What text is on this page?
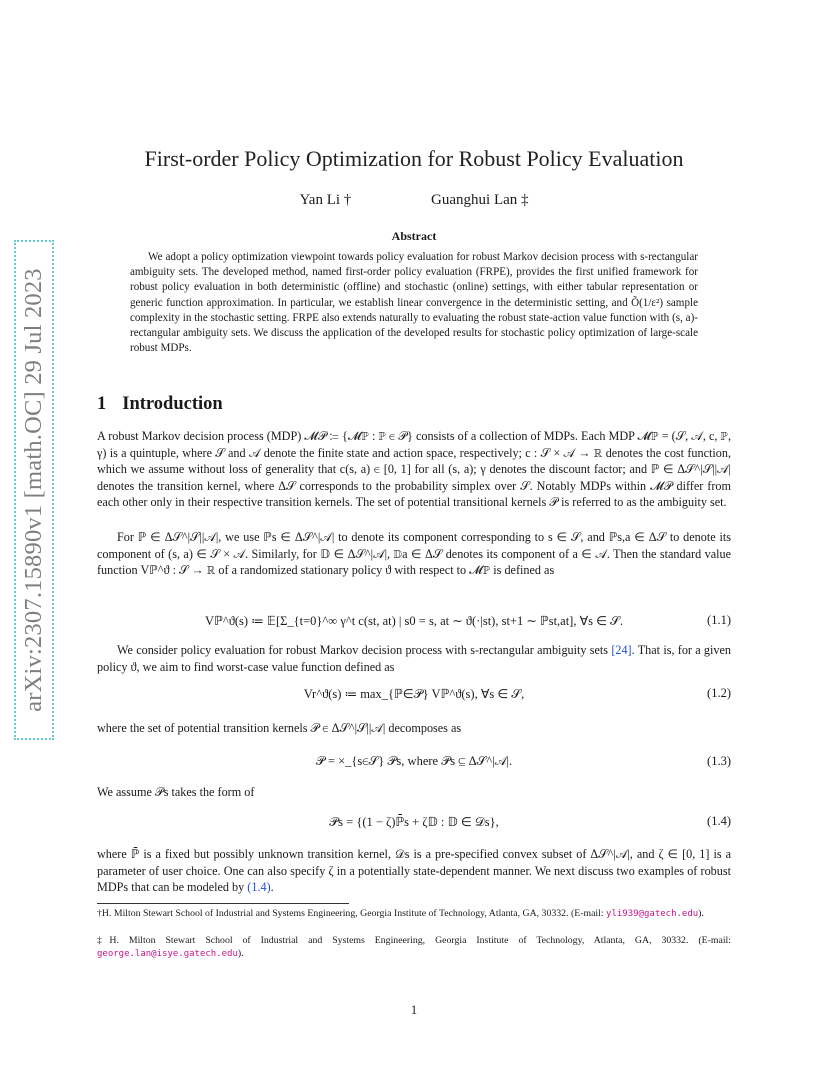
arXiv:2307.15890v1 [math.OC] 29 Jul 2023
First-order Policy Optimization for Robust Policy Evaluation
Yan Li †	Guanghui Lan ‡
Abstract

We adopt a policy optimization viewpoint towards policy evaluation for robust Markov decision process with s-rectangular ambiguity sets. The developed method, named first-order policy evaluation (FRPE), provides the first unified framework for robust policy evaluation in both deterministic (offline) and stochastic (online) settings, with either tabular representation or generic function approximation. In particular, we establish linear convergence in the deterministic setting, and Õ(1/ε²) sample complexity in the stochastic setting. FRPE also extends naturally to evaluating the robust state-action value function with (s, a)-rectangular ambiguity sets. We discuss the application of the developed results for stochastic policy optimization of large-scale robust MDPs.

1 Introduction

A robust Markov decision process (MDP) 𝓜𝒫 ≔ {𝓜ℙ : ℙ ∈ 𝒫} consists of a collection of MDPs. Each MDP 𝓜ℙ = (𝒮, 𝒜, c, ℙ, γ) is a quintuple, where 𝒮 and 𝒜 denote the finite state and action space, respectively; c : 𝒮 × 𝒜 → ℝ denotes the cost function, which we assume without loss of generality that c(s, a) ∈ [0, 1] for all (s, a); γ denotes the discount factor; and ℙ ∈ Δ𝒮^|𝒮||𝒜| denotes the transition kernel, where Δ𝒮 corresponds to the probability simplex over 𝒮. Notably MDPs within 𝓜𝒫 differ from each other only in their respective transition kernels. The set of potential transitional kernels 𝒫 is referred to as the ambiguity set.

For ℙ ∈ Δ𝒮^|𝒮||𝒜|, we use ℙs ∈ Δ𝒮^|𝒜| to denote its component corresponding to s ∈ 𝒮, and ℙs,a ∈ Δ𝒮 to denote its component of (s, a) ∈ 𝒮 × 𝒜. Similarly, for 𝔻 ∈ Δ𝒮^|𝒜|, 𝔻a ∈ Δ𝒮 denotes its component of a ∈ 𝒜. Then the standard value function Vℙ^ϑ : 𝒮 → ℝ of a randomized stationary policy ϑ with respect to 𝓜ℙ is defined as

Vℙ^ϑ(s) ≔ 𝔼[Σ_{t=0}^∞ γ^t c(st, at) | s0 = s, at ∼ ϑ(·|st), st+1 ∼ ℙst,at], ∀s ∈ 𝒮.	(1.1)

We consider policy evaluation for robust Markov decision process with s-rectangular ambiguity sets [24]. That is, for a given policy ϑ, we aim to find worst-case value function defined as

Vr^ϑ(s) ≔ max_{ℙ∈𝒫} Vℙ^ϑ(s), ∀s ∈ 𝒮,	(1.2)

where the set of potential transition kernels 𝒫 ∈ Δ𝒮^|𝒮||𝒜| decomposes as

𝒫 = ×_{s∈𝒮} 𝒫s, where 𝒫s ⊆ Δ𝒮^|𝒜|.	(1.3)

We assume 𝒫s takes the form of

𝒫s = {(1 − ζ)ℙ̄s + ζ𝔻 : 𝔻 ∈ 𝒟s},	(1.4)

where ℙ̄ is a fixed but possibly unknown transition kernel, 𝒟s is a pre-specified convex subset of Δ𝒮^|𝒜|, and ζ ∈ [0, 1] is a parameter of user choice. One can also specify ζ in a potentially state-dependent manner. We next discuss two examples of robust MDPs that can be modeled by (1.4).

†H. Milton Stewart School of Industrial and Systems Engineering, Georgia Institute of Technology, Atlanta, GA, 30332. (E-mail: yli939@gatech.edu).

‡H. Milton Stewart School of Industrial and Systems Engineering, Georgia Institute of Technology, Atlanta, GA, 30332. (E-mail: george.lan@isye.gatech.edu).

1
